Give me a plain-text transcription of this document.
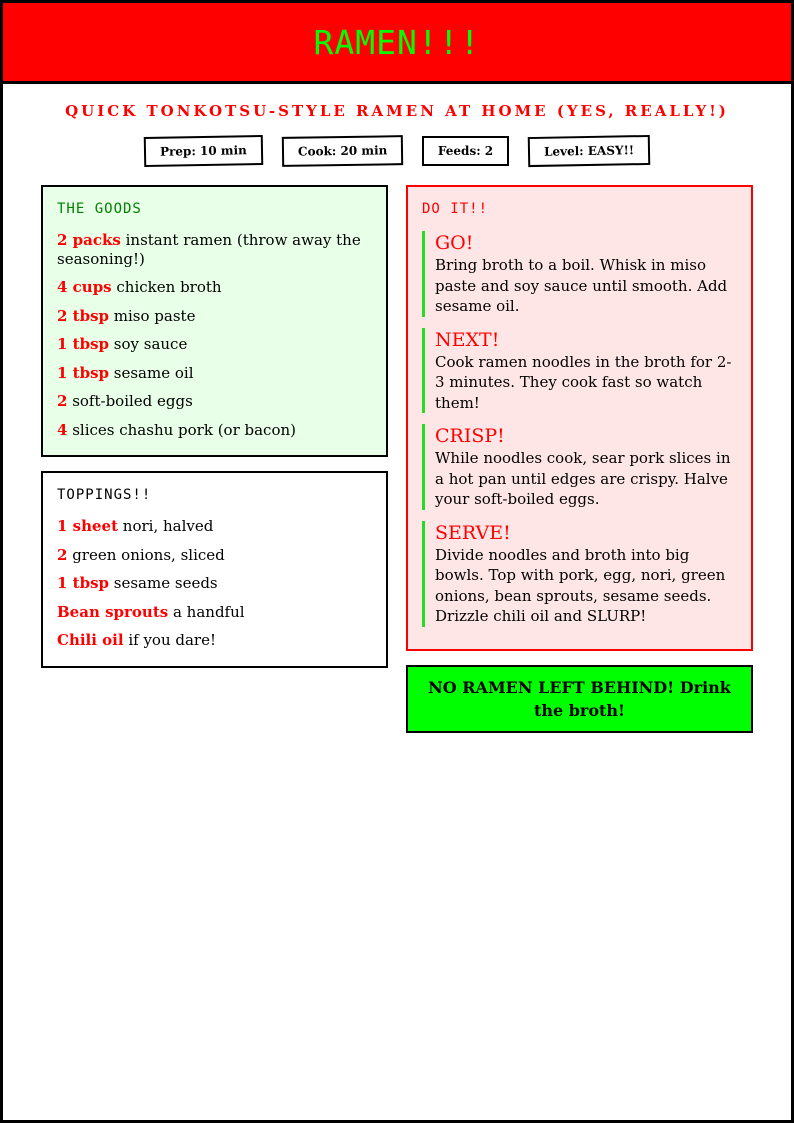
RAMEN!!!
QUICK TONKOTSU-STYLE RAMEN AT HOME (YES, REALLY!)
Prep: 10 min	Cook: 20 min	Feeds: 2	Level: EASY!!
THE GOODS
2 packs instant ramen (throw away the seasoning!)
4 cups chicken broth
2 tbsp miso paste
1 tbsp soy sauce
1 tbsp sesame oil
2 soft-boiled eggs
4 slices chashu pork (or bacon)
TOPPINGS!!
1 sheet nori, halved
2 green onions, sliced
1 tbsp sesame seeds
Bean sprouts a handful
Chili oil if you dare!
DO IT!!
GO!

Bring broth to a boil. Whisk in miso paste and soy sauce until smooth. Add sesame oil.

NEXT!

Cook ramen noodles in the broth for 2-3 minutes. They cook fast so watch them!

CRISP!

While noodles cook, sear pork slices in a hot pan until edges are crispy. Halve your soft-boiled eggs.

SERVE!

Divide noodles and broth into big bowls. Top with pork, egg, nori, green onions, bean sprouts, sesame seeds. Drizzle chili oil and SLURP!

NO RAMEN LEFT BEHIND! Drink the broth!
